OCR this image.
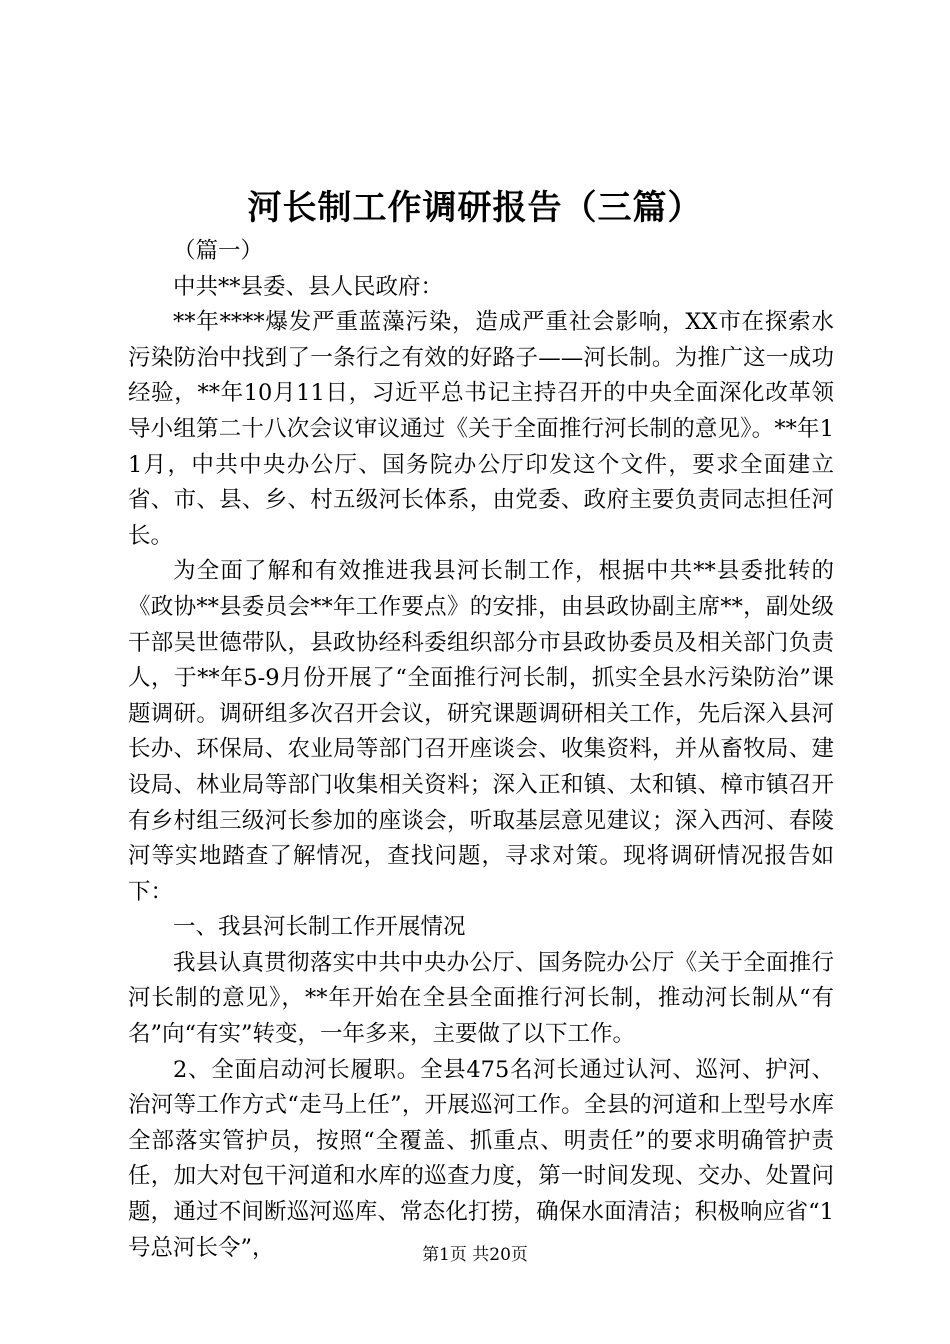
河长制工作调研报告（三篇）

（篇一）

中共**县委、县人民政府：

**年****爆发严重蓝藻污染，造成严重社会影响，XX市在探索水污染防治中找到了一条行之有效的好路子——河长制。为推广这一成功经验，**年10月11日，习近平总书记主持召开的中央全面深化改革领导小组第二十八次会议审议通过《关于全面推行河长制的意见》。**年11月，中共中央办公厅、国务院办公厅印发这个文件，要求全面建立省、市、县、乡、村五级河长体系，由党委、政府主要负责同志担任河长。

为全面了解和有效推进我县河长制工作，根据中共**县委批转的《政协**县委员会**年工作要点》的安排，由县政协副主席**，副处级干部吴世德带队，县政协经科委组织部分市县政协委员及相关部门负责人，于**年5-9月份开展了“全面推行河长制，抓实全县水污染防治”课题调研。调研组多次召开会议，研究课题调研相关工作，先后深入县河长办、环保局、农业局等部门召开座谈会、收集资料，并从畜牧局、建设局、林业局等部门收集相关资料；深入正和镇、太和镇、樟市镇召开有乡村组三级河长参加的座谈会，听取基层意见建议；深入西河、春陵河等实地踏查了解情况，查找问题，寻求对策。现将调研情况报告如下：

一、我县河长制工作开展情况

我县认真贯彻落实中共中央办公厅、国务院办公厅《关于全面推行河长制的意见》，**年开始在全县全面推行河长制，推动河长制从“有名”向“有实”转变，一年多来，主要做了以下工作。

2、全面启动河长履职。全县475名河长通过认河、巡河、护河、治河等工作方式“走马上任”，开展巡河工作。全县的河道和上型号水库全部落实管护员，按照“全覆盖、抓重点、明责任”的要求明确管护责任，加大对包干河道和水库的巡查力度，第一时间发现、交办、处置问题，通过不间断巡河巡库、常态化打捞，确保水面清洁；积极响应省“1号总河长令”，	第1页 共20页
